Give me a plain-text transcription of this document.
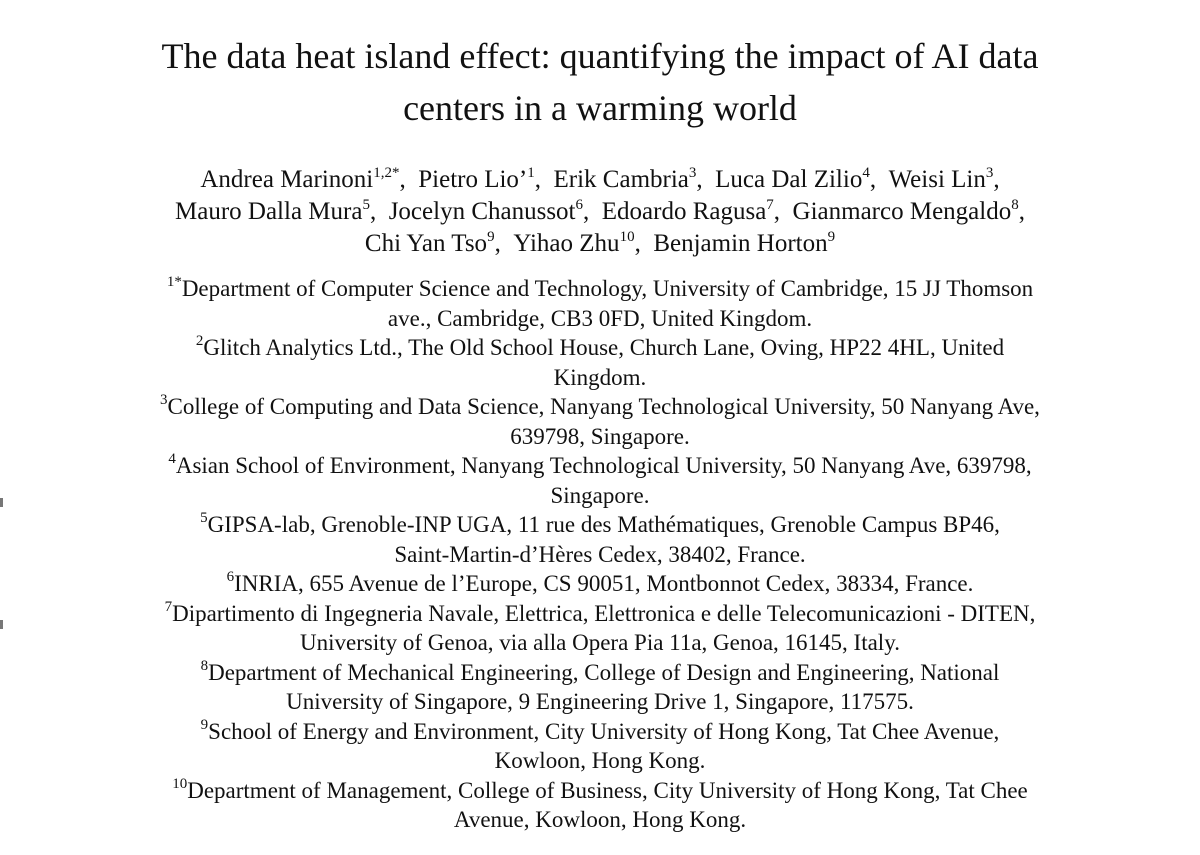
The data heat island effect: quantifying the impact of AI data
centers in a warming world
Andrea Marinoni$^{1,2*}$, Pietro Lio’$^1$, Erik Cambria$^3$, Luca Dal Zilio$^4$, Weisi Lin$^3$,
Mauro Dalla Mura$^5$, Jocelyn Chanussot$^6$, Edoardo Ragusa$^7$, Gianmarco Mengaldo$^8$,
Chi Yan Tso$^9$, Yihao Zhu$^{10}$, Benjamin Horton$^9$
$^{1*}$Department of Computer Science and Technology, University of Cambridge, 15 JJ Thomson
ave., Cambridge, CB3 0FD, United Kingdom.
$^2$Glitch Analytics Ltd., The Old School House, Church Lane, Oving, HP22 4HL, United
Kingdom.
$^3$College of Computing and Data Science, Nanyang Technological University, 50 Nanyang Ave,
639798, Singapore.
$^4$Asian School of Environment, Nanyang Technological University, 50 Nanyang Ave, 639798,
Singapore.
$^5$GIPSA-lab, Grenoble-INP UGA, 11 rue des Mathématiques, Grenoble Campus BP46,
Saint-Martin-d’Hères Cedex, 38402, France.
$^6$INRIA, 655 Avenue de l’Europe, CS 90051, Montbonnot Cedex, 38334, France.
$^7$Dipartimento di Ingegneria Navale, Elettrica, Elettronica e delle Telecomunicazioni - DITEN,
University of Genoa, via alla Opera Pia 11a, Genoa, 16145, Italy.
$^8$Department of Mechanical Engineering, College of Design and Engineering, National
University of Singapore, 9 Engineering Drive 1, Singapore, 117575.
$^9$School of Energy and Environment, City University of Hong Kong, Tat Chee Avenue,
Kowloon, Hong Kong.
$^{10}$Department of Management, College of Business, City University of Hong Kong, Tat Chee
Avenue, Kowloon, Hong Kong.
